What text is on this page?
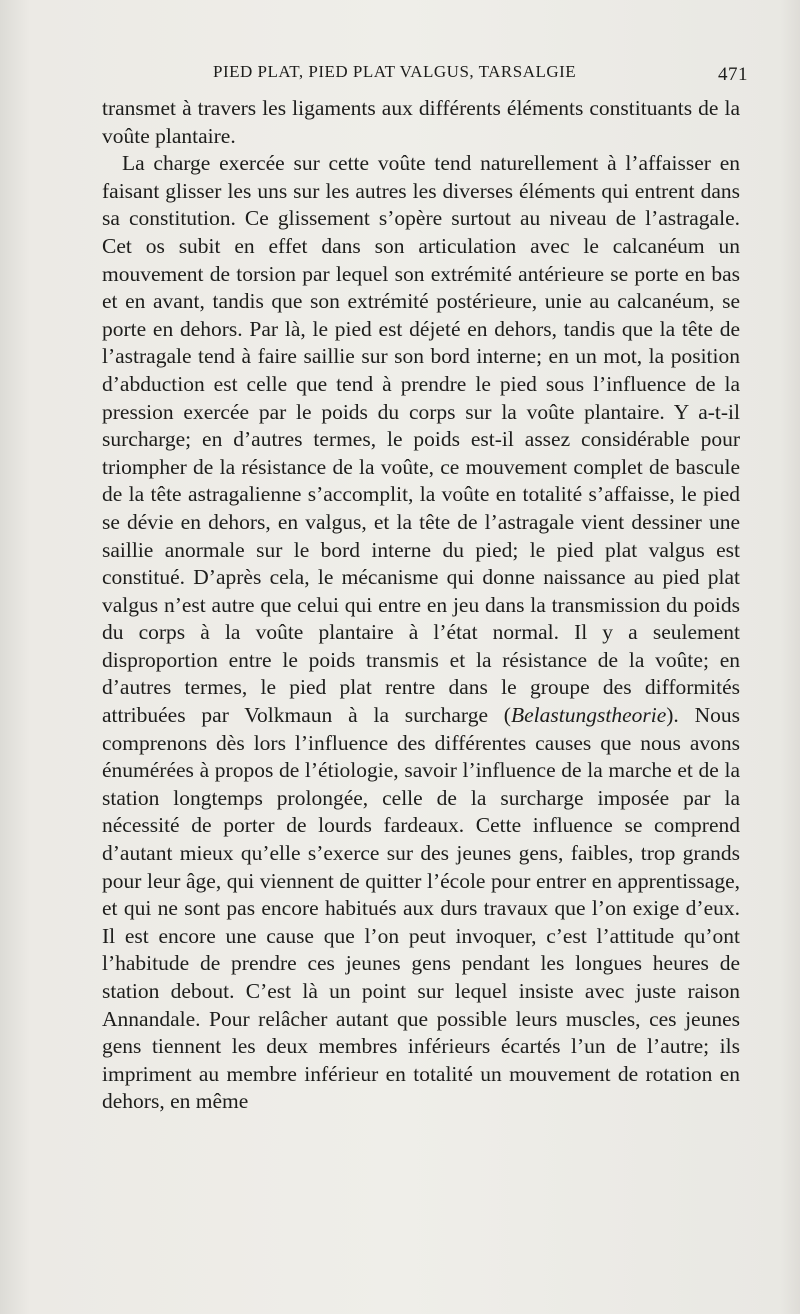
PIED PLAT, PIED PLAT VALGUS, TARSALGIE	471

transmet à travers les ligaments aux différents éléments constituants de la voûte plantaire.

La charge exercée sur cette voûte tend naturellement à l’affaisser en faisant glisser les uns sur les autres les diverses éléments qui entrent dans sa constitution. Ce glissement s’opère surtout au niveau de l’astragale. Cet os subit en effet dans son articulation avec le calcanéum un mouvement de torsion par lequel son extrémité antérieure se porte en bas et en avant, tandis que son extrémité postérieure, unie au calcanéum, se porte en dehors. Par là, le pied est déjeté en dehors, tandis que la tête de l’astragale tend à faire saillie sur son bord interne; en un mot, la position d’abduction est celle que tend à prendre le pied sous l’influence de la pression exercée par le poids du corps sur la voûte plantaire. Y a-t-il surcharge; en d’autres termes, le poids est-il assez considérable pour triompher de la résistance de la voûte, ce mouvement complet de bascule de la tête astragalienne s’accomplit, la voûte en totalité s’affaisse, le pied se dévie en dehors, en valgus, et la tête de l’astragale vient dessiner une saillie anormale sur le bord interne du pied; le pied plat valgus est constitué. D’après cela, le mécanisme qui donne naissance au pied plat valgus n’est autre que celui qui entre en jeu dans la transmission du poids du corps à la voûte plantaire à l’état normal. Il y a seulement disproportion entre le poids transmis et la résistance de la voûte; en d’autres termes, le pied plat rentre dans le groupe des difformités attribuées par Volkmaun à la surcharge (Belastungstheorie). Nous comprenons dès lors l’influence des différentes causes que nous avons énumérées à propos de l’étiologie, savoir l’influence de la marche et de la station longtemps prolongée, celle de la surcharge imposée par la nécessité de porter de lourds fardeaux. Cette influence se comprend d’autant mieux qu’elle s’exerce sur des jeunes gens, faibles, trop grands pour leur âge, qui viennent de quitter l’école pour entrer en apprentissage, et qui ne sont pas encore habitués aux durs travaux que l’on exige d’eux. Il est encore une cause que l’on peut invoquer, c’est l’attitude qu’ont l’habitude de prendre ces jeunes gens pendant les longues heures de station debout. C’est là un point sur lequel insiste avec juste raison Annandale. Pour relâcher autant que possible leurs muscles, ces jeunes gens tiennent les deux membres inférieurs écartés l’un de l’autre; ils impriment au membre inférieur en totalité un mouvement de rotation en dehors, en même
